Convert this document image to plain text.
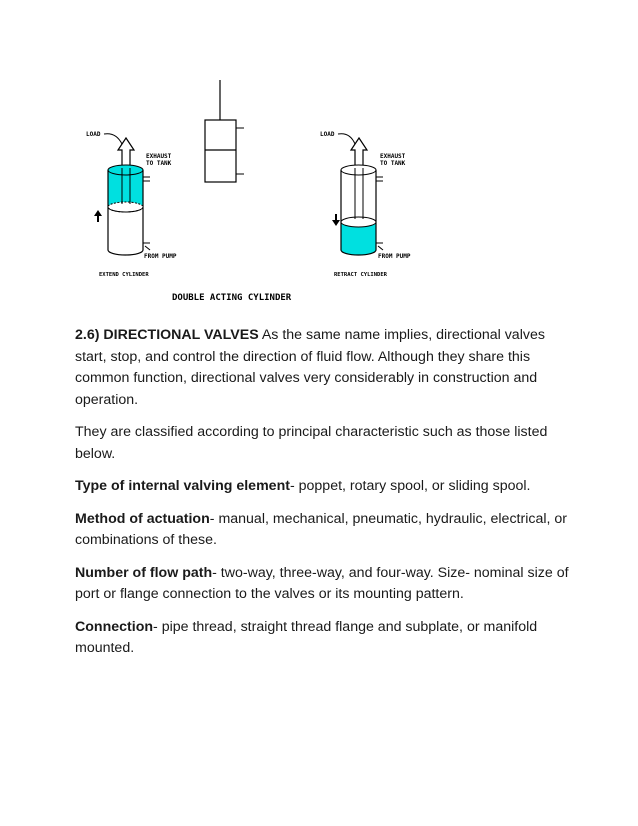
LOAD
EXHAUST
TO TANK
FROM PUMP
EXTEND CYLINDER
LOAD
EXHAUST
TO TANK
FROM PUMP
RETRACT CYLINDER
DOUBLE ACTING CYLINDER

2.6) DIRECTIONAL VALVES As the same name implies, directional valves start, stop, and control the direction of fluid flow. Although they share this common function, directional valves very considerably in construction and operation.

They are classified according to principal characteristic such as those listed below.

Type of internal valving element- poppet, rotary spool, or sliding spool.

Method of actuation- manual, mechanical, pneumatic, hydraulic, electrical, or combinations of these.

Number of flow path- two-way, three-way, and four-way. Size- nominal size of port or flange connection to the valves or its mounting pattern.

Connection- pipe thread, straight thread flange and subplate, or manifold mounted.
